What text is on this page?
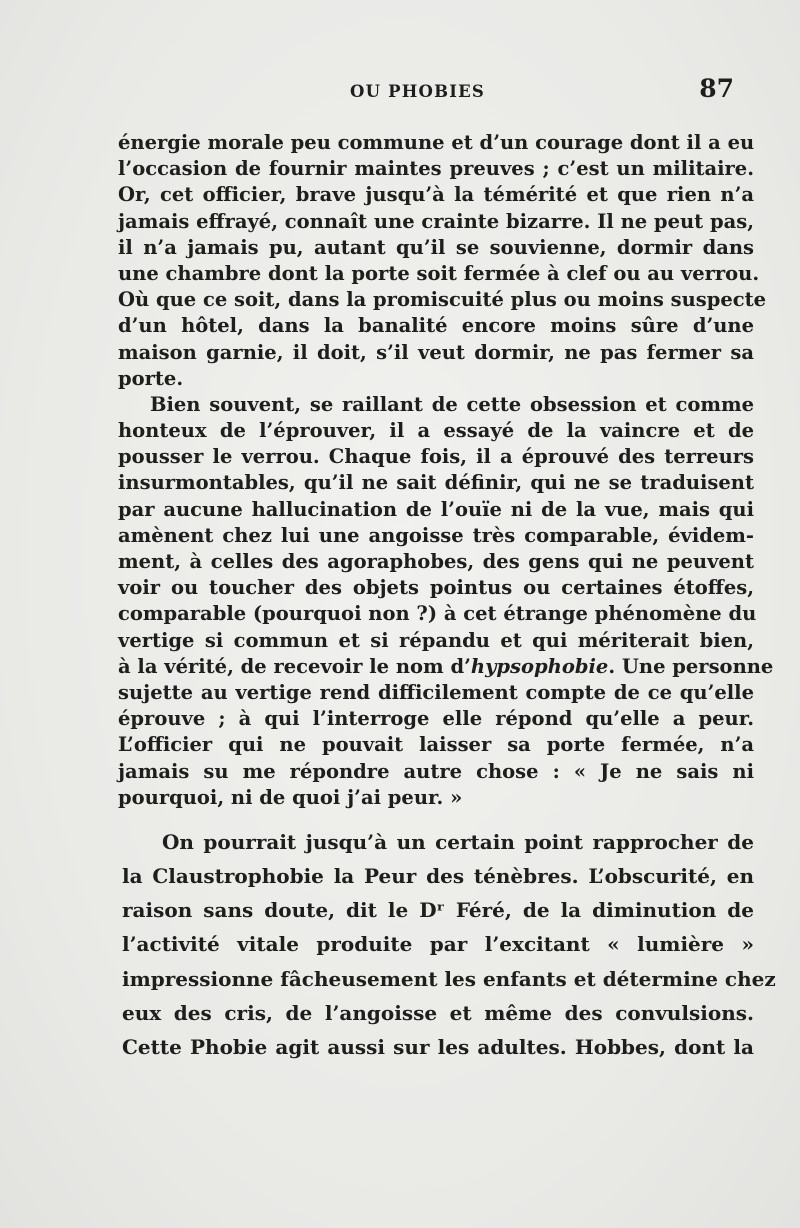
OU PHOBIES	87
énergie morale peu commune et d’un courage dont il a eu
l’occasion de fournir maintes preuves ; c’est un militaire.
Or, cet officier, brave jusqu’à la témérité et que rien n’a
jamais effrayé, connaît une crainte bizarre. Il ne peut pas,
il n’a jamais pu, autant qu’il se souvienne, dormir dans
une chambre dont la porte soit fermée à clef ou au verrou.
Où que ce soit, dans la promiscuité plus ou moins suspecte
d’un hôtel, dans la banalité encore moins sûre d’une
maison garnie, il doit, s’il veut dormir, ne pas fermer sa
porte.
Bien souvent, se raillant de cette obsession et comme
honteux de l’éprouver, il a essayé de la vaincre et de
pousser le verrou. Chaque fois, il a éprouvé des terreurs
insurmontables, qu’il ne sait définir, qui ne se traduisent
par aucune hallucination de l’ouïe ni de la vue, mais qui
amènent chez lui une angoisse très comparable, évidem-
ment, à celles des agoraphobes, des gens qui ne peuvent
voir ou toucher des objets pointus ou certaines étoffes,
comparable (pourquoi non ?) à cet étrange phénomène du
vertige si commun et si répandu et qui mériterait bien,
à la vérité, de recevoir le nom d’hypsophobie. Une personne
sujette au vertige rend difficilement compte de ce qu’elle
éprouve ; à qui l’interroge elle répond qu’elle a peur.
L’officier qui ne pouvait laisser sa porte fermée, n’a
jamais su me répondre autre chose : « Je ne sais ni
pourquoi, ni de quoi j’ai peur. »
On pourrait jusqu’à un certain point rapprocher de
la Claustrophobie la Peur des ténèbres. L’obscurité, en
raison sans doute, dit le Dʳ Féré, de la diminution de
l’activité vitale produite par l’excitant « lumière »
impressionne fâcheusement les enfants et détermine chez
eux des cris, de l’angoisse et même des convulsions.
Cette Phobie agit aussi sur les adultes. Hobbes, dont la
